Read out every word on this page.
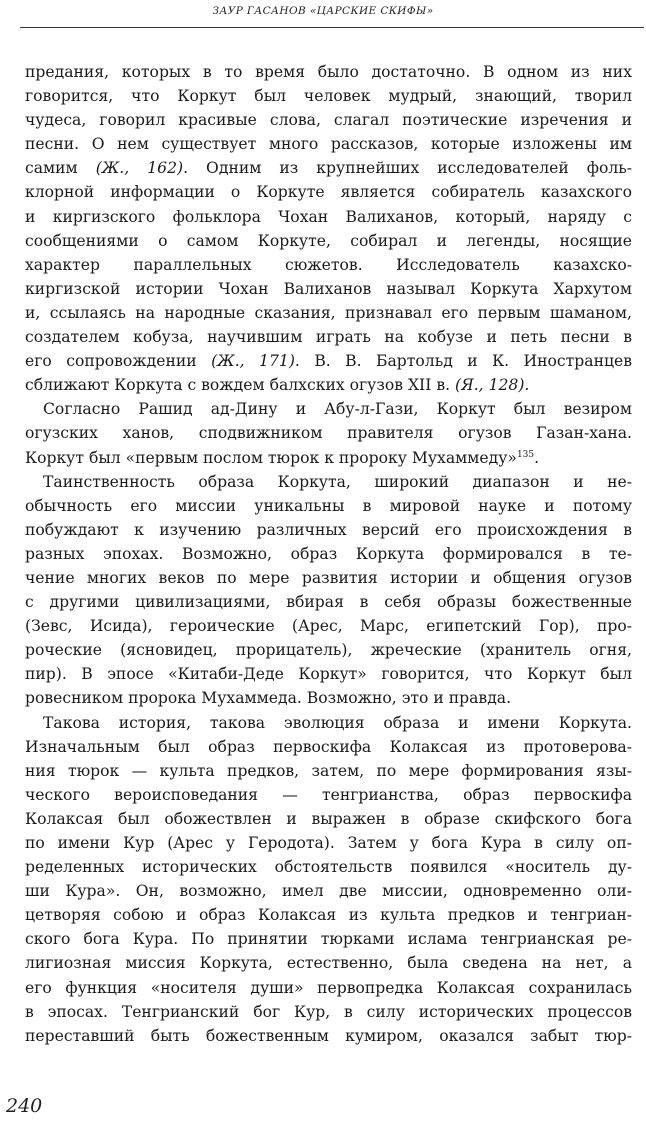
ЗАУР ГАСАНОВ «ЦАРСКИЕ СКИФЫ»
предания, которых в то время было достаточно. В одном из них
говорится, что Коркут был человек мудрый, знающий, творил
чудеса, говорил красивые слова, слагал поэтические изречения и
песни. О нем существует много рассказов, которые изложены им
самим (Ж., 162). Одним из крупнейших исследователей фоль-
клорной информации о Коркуте является собиратель казахского
и киргизского фольклора Чохан Валиханов, который, наряду с
сообщениями о самом Коркуте, собирал и легенды, носящие
характер параллельных сюжетов. Исследователь казахско-
киргизской истории Чохан Валиханов называл Коркута Хархутом
и, ссылаясь на народные сказания, признавал его первым шаманом,
создателем кобуза, научившим играть на кобузе и петь песни в
его сопровождении (Ж., 171). В. В. Бартольд и К. Иностранцев
сближают Коркута с вождем балхских огузов XII в. (Я., 128).
Согласно Рашид ад-Дину и Абу-л-Гази, Коркут был везиром
огузских ханов, сподвижником правителя огузов Газан-хана.
Коркут был «первым послом тюрок к пророку Мухаммеду»$^{135}$.
Таинственность образа Коркута, широкий диапазон и не-
обычность его миссии уникальны в мировой науке и потому
побуждают к изучению различных версий его происхождения в
разных эпохах. Возможно, образ Коркута формировался в те-
чение многих веков по мере развития истории и общения огузов
с другими цивилизациями, вбирая в себя образы божественные
(Зевс, Исида), героические (Арес, Марс, египетский Гор), про-
роческие (ясновидец, прорицатель), жреческие (хранитель огня,
пир). В эпосе «Китаби-Деде Коркут» говорится, что Коркут был
ровесником пророка Мухаммеда. Возможно, это и правда.
Такова история, такова эволюция образа и имени Коркута.
Изначальным был образ первоскифа Колаксая из протоверова-
ния тюрок — культа предков, затем, по мере формирования язы-
ческого вероисповедания — тенгрианства, образ первоскифа
Колаксая был обожествлен и выражен в образе скифского бога
по имени Кур (Арес у Геродота). Затем у бога Кура в силу оп-
ределенных исторических обстоятельств появился «носитель ду-
ши Кура». Он, возможно, имел две миссии, одновременно оли-
цетворяя собою и образ Колаксая из культа предков и тенгриан-
ского бога Кура. По принятии тюрками ислама тенгрианская ре-
лигиозная миссия Коркута, естественно, была сведена на нет, а
его функция «носителя души» первопредка Колаксая сохранилась
в эпосах. Тенгрианский бог Кур, в силу исторических процессов
переставший быть божественным кумиром, оказался забыт тюр-
240
